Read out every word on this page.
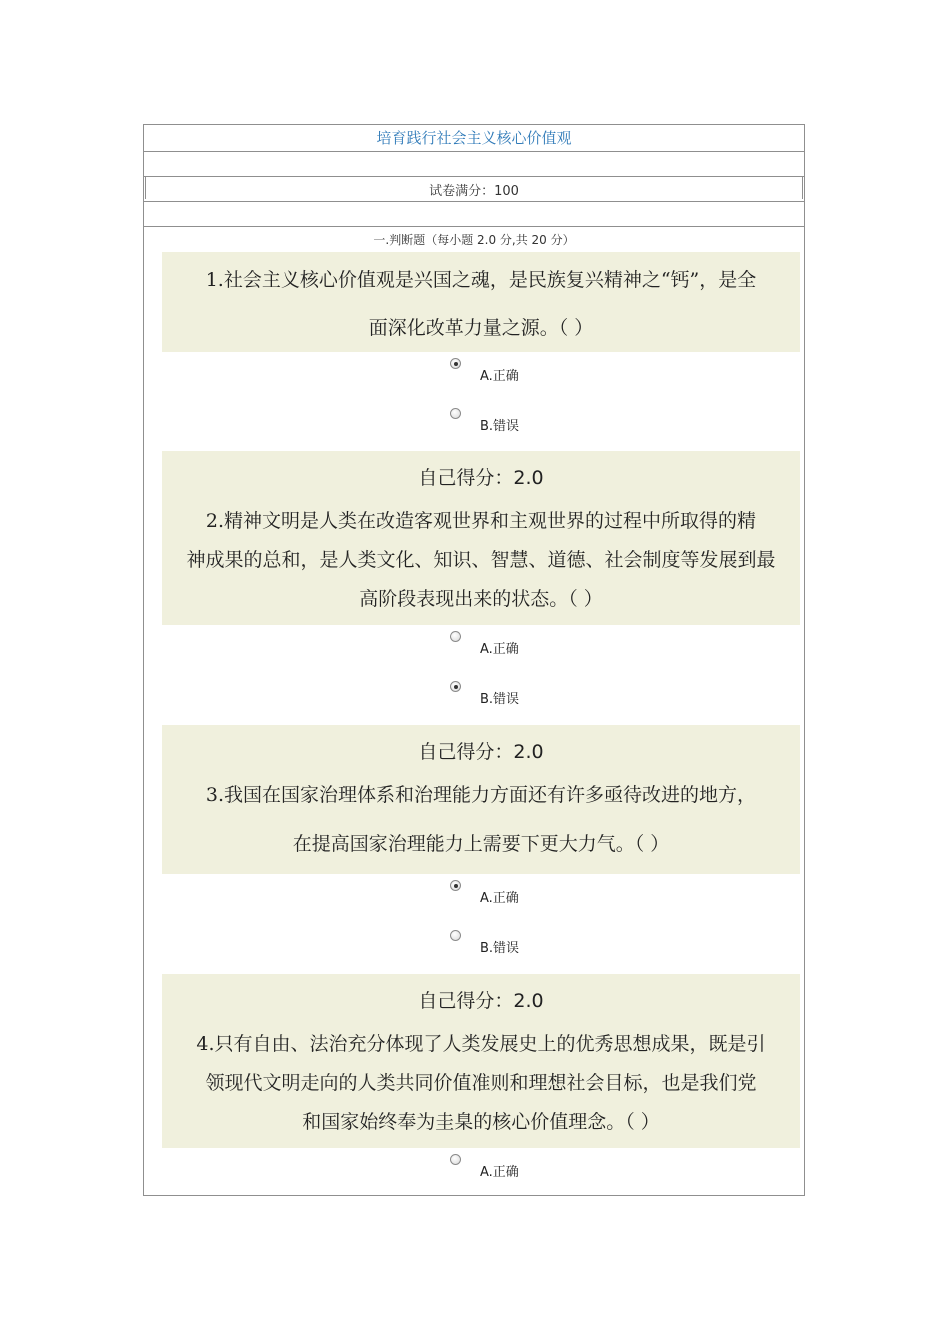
培育践行社会主义核心价值观
试卷满分：100
一.判断题（每小题 2.0 分,共 20 分）
1.社会主义核心价值观是兴国之魂，是民族复兴精神之“钙”，是全
面深化改革力量之源。（ ）
A.正确
B.错误
自己得分：2.0
2.精神文明是人类在改造客观世界和主观世界的过程中所取得的精
神成果的总和，是人类文化、知识、智慧、道德、社会制度等发展到最
高阶段表现出来的状态。（ ）
A.正确
B.错误
自己得分：2.0
3.我国在国家治理体系和治理能力方面还有许多亟待改进的地方，
在提高国家治理能力上需要下更大力气。（ ）
A.正确
B.错误
自己得分：2.0
4.只有自由、法治充分体现了人类发展史上的优秀思想成果，既是引
领现代文明走向的人类共同价值准则和理想社会目标，也是我们党
和国家始终奉为圭臬的核心价值理念。（ ）
A.正确
